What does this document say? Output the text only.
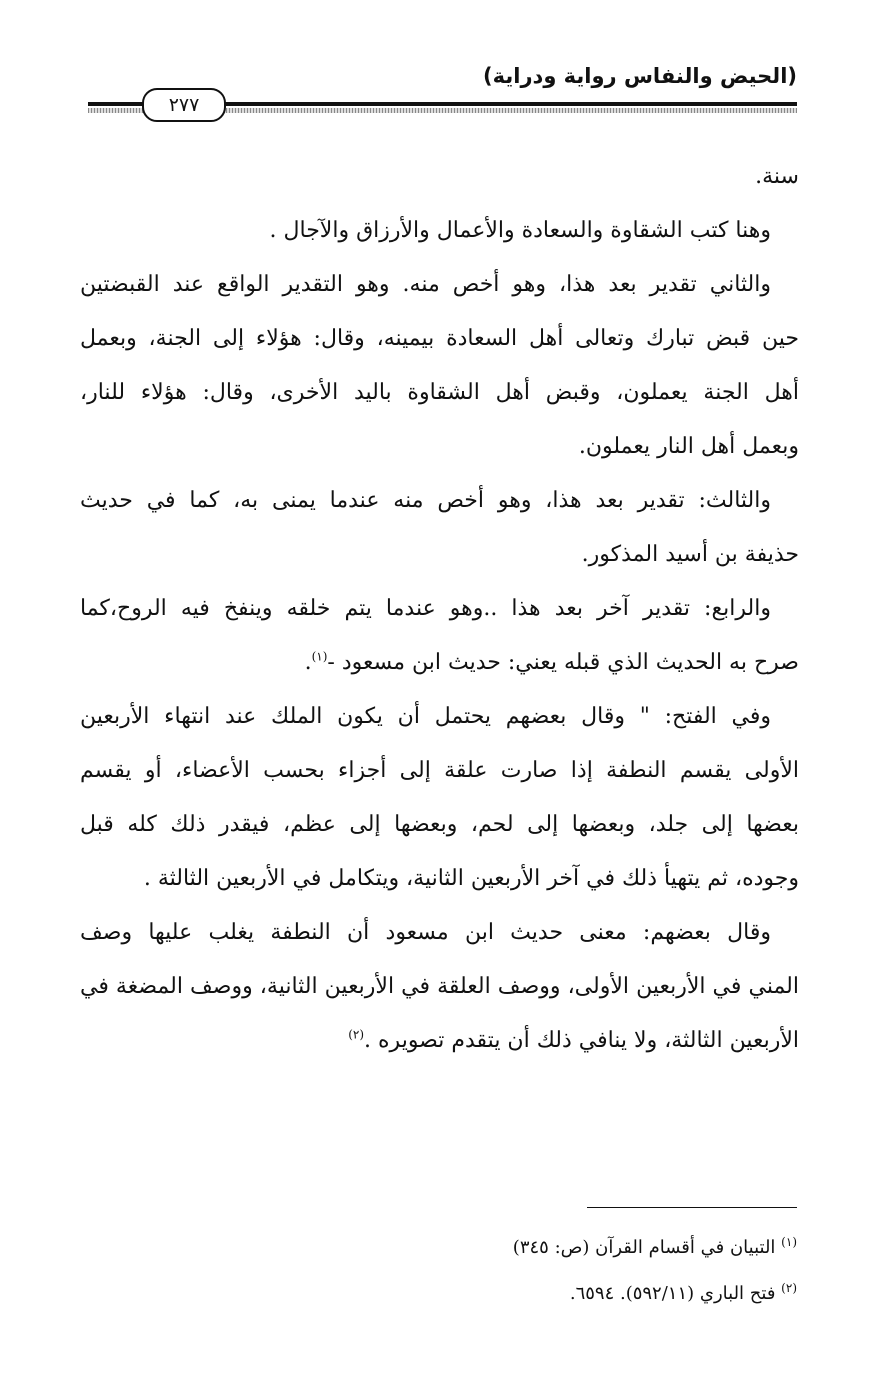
(الحيض والنفاس رواية ودراية)
٢٧٧
سنة.
وهنا كتب الشقاوة والسعادة والأعمال والأرزاق والآجال .
والثاني تقدير بعد هذا، وهو أخص منه. وهو التقدير الواقع عند القبضتين
حين قبض تبارك وتعالى أهل السعادة بيمينه، وقال: هؤلاء إلى الجنة، وبعمل
أهل الجنة يعملون، وقبض أهل الشقاوة باليد الأخرى، وقال: هؤلاء للنار،
وبعمل أهل النار يعملون.
والثالث: تقدير بعد هذا، وهو أخص منه عندما يمنى به، كما في حديث
حذيفة بن أسيد المذكور.
والرابع: تقدير آخر بعد هذا ..وهو عندما يتم خلقه وينفخ فيه الروح،كما
صرح به الحديث الذي قبله يعني: حديث ابن مسعود -$^{(١)}$.
وفي الفتح: " وقال بعضهم يحتمل أن يكون الملك عند انتهاء الأربعين
الأولى يقسم النطفة إذا صارت علقة إلى أجزاء بحسب الأعضاء، أو يقسم
بعضها إلى جلد، وبعضها إلى لحم، وبعضها إلى عظم، فيقدر ذلك كله قبل
وجوده، ثم يتهيأ ذلك في آخر الأربعين الثانية، ويتكامل في الأربعين الثالثة .
وقال بعضهم: معنى حديث ابن مسعود أن النطفة يغلب عليها وصف
المني في الأربعين الأولى، ووصف العلقة في الأربعين الثانية، ووصف المضغة في
الأربعين الثالثة، ولا ينافي ذلك أن يتقدم تصويره .$^{(٢)}$
$^{(١)}$ التبيان في أقسام القرآن (ص: ٣٤٥)
$^{(٢)}$ فتح الباري (٥٩٢/١١). ٦٥٩٤.
